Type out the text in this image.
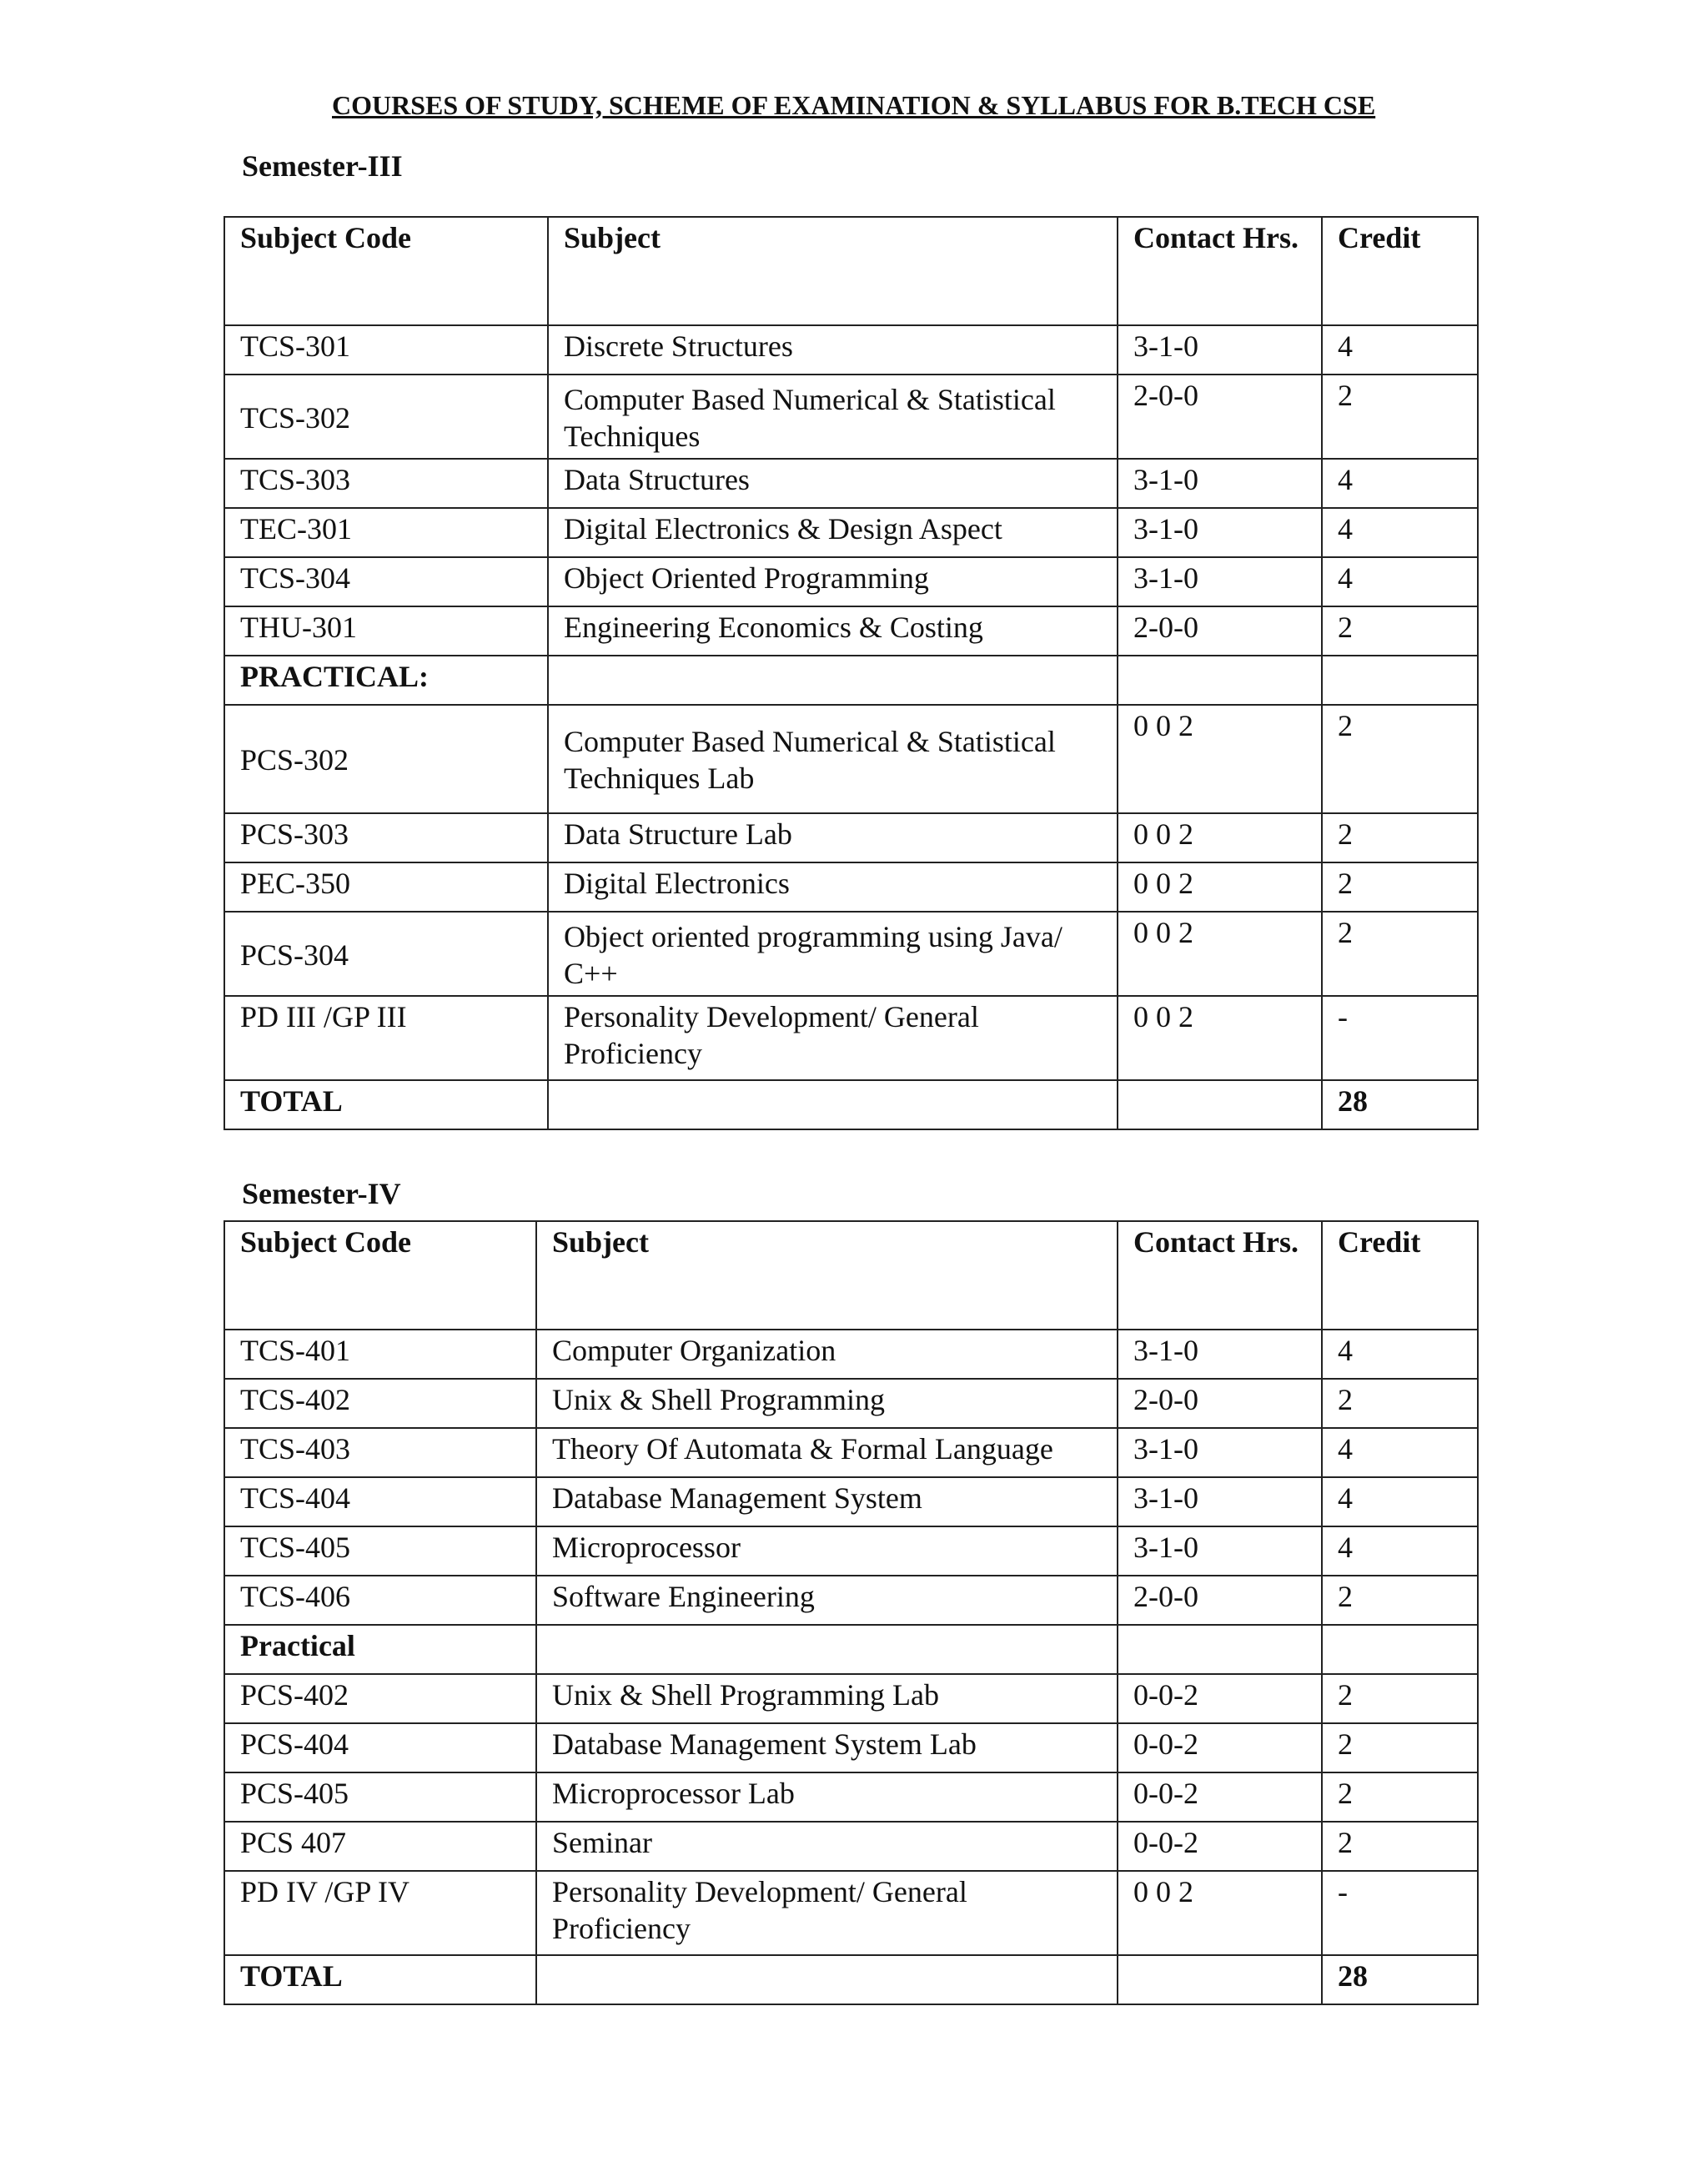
COURSES OF STUDY, SCHEME OF EXAMINATION & SYLLABUS FOR B.TECH CSE
Semester-III
Subject Code	Subject	Contact Hrs.	Credit
TCS-301	Discrete Structures	3-1-0	4
TCS-302	Computer Based Numerical & Statistical Techniques	2-0-0	2
TCS-303	Data Structures	3-1-0	4
TEC-301	Digital Electronics & Design Aspect	3-1-0	4
TCS-304	Object Oriented Programming	3-1-0	4
THU-301	Engineering Economics & Costing	2-0-0	2
PRACTICAL:			
PCS-302	Computer Based Numerical & Statistical Techniques Lab	0 0 2	2
PCS-303	Data Structure Lab	0 0 2	2
PEC-350	Digital Electronics	0 0 2	2
PCS-304	Object oriented programming using Java/ C++	0 0 2	2
PD III /GP III	Personality Development/ General Proficiency	0 0 2	-
TOTAL			28
Semester-IV
Subject Code	Subject	Contact Hrs.	Credit
TCS-401	Computer Organization	3-1-0	4
TCS-402	Unix & Shell Programming	2-0-0	2
TCS-403	Theory Of Automata & Formal Language	3-1-0	4
TCS-404	Database Management System	3-1-0	4
TCS-405	Microprocessor	3-1-0	4
TCS-406	Software Engineering	2-0-0	2
Practical			
PCS-402	Unix & Shell Programming Lab	0-0-2	2
PCS-404	Database Management System Lab	0-0-2	2
PCS-405	Microprocessor Lab	0-0-2	2
PCS 407	Seminar	0-0-2	2
PD IV /GP IV	Personality Development/ General Proficiency	0 0 2	-
TOTAL			28
